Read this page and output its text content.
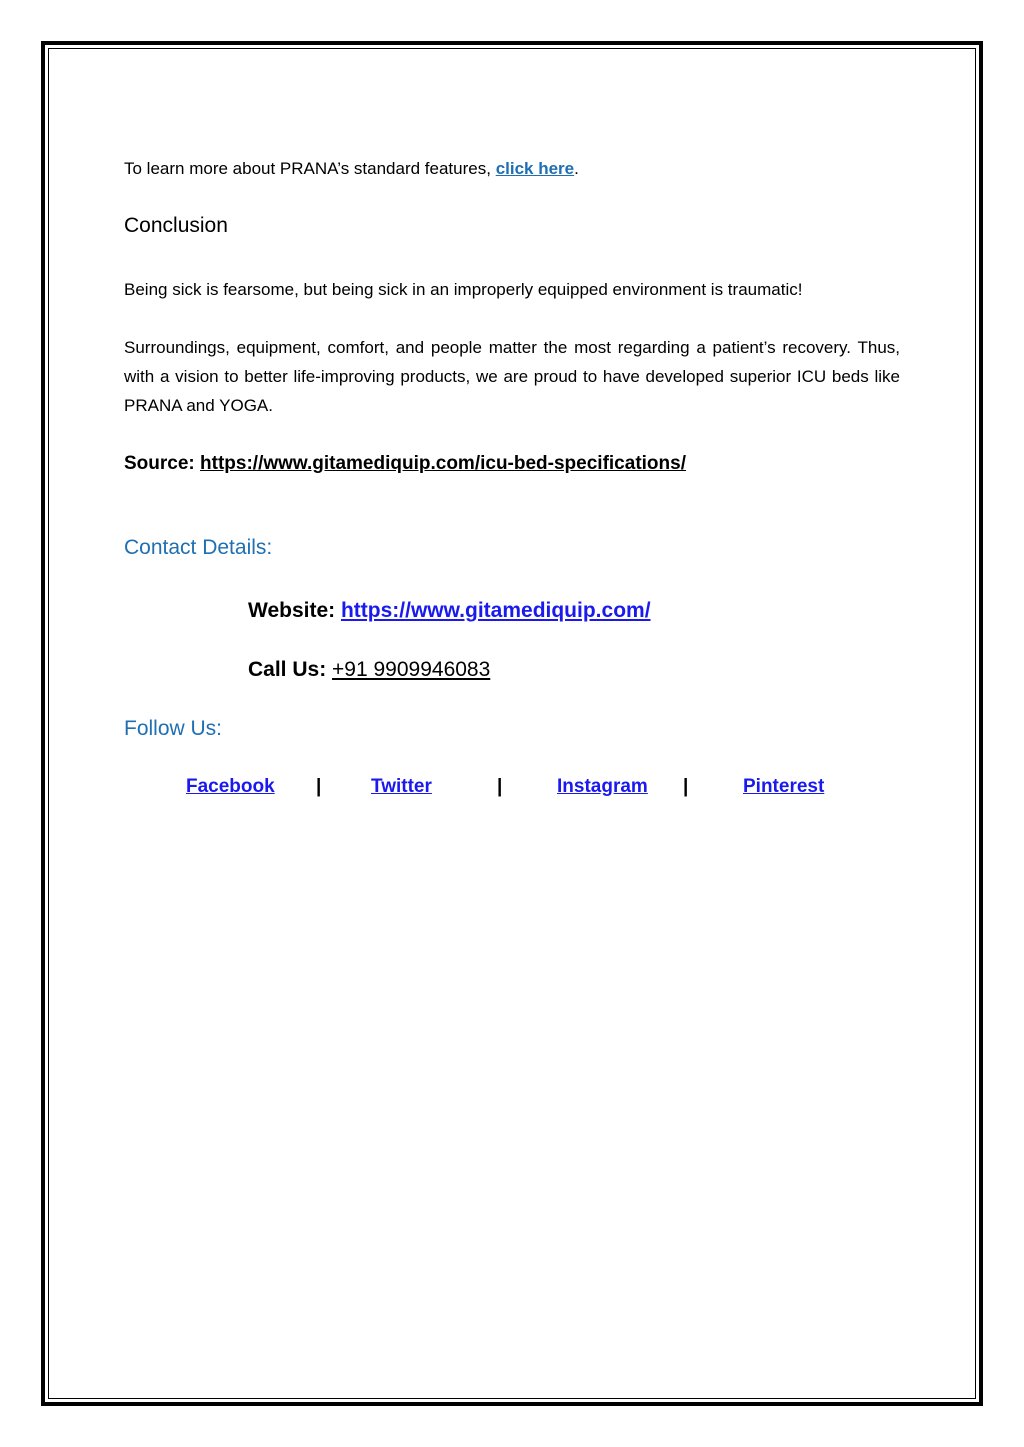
To learn more about PRANA’s standard features, click here.

Conclusion

Being sick is fearsome, but being sick in an improperly equipped environment is traumatic!

Surroundings, equipment, comfort, and people matter the most regarding a patient’s recovery. Thus, with a vision to better life-improving products, we are proud to have developed superior ICU beds like PRANA and YOGA.

Source: https://www.gitamediquip.com/icu-bed-specifications/

Contact Details:
Website: https://www.gitamediquip.com/
Call Us: +91 9909946083
Follow Us:
Facebook |	Twitter	|	Instagram |	Pinterest
